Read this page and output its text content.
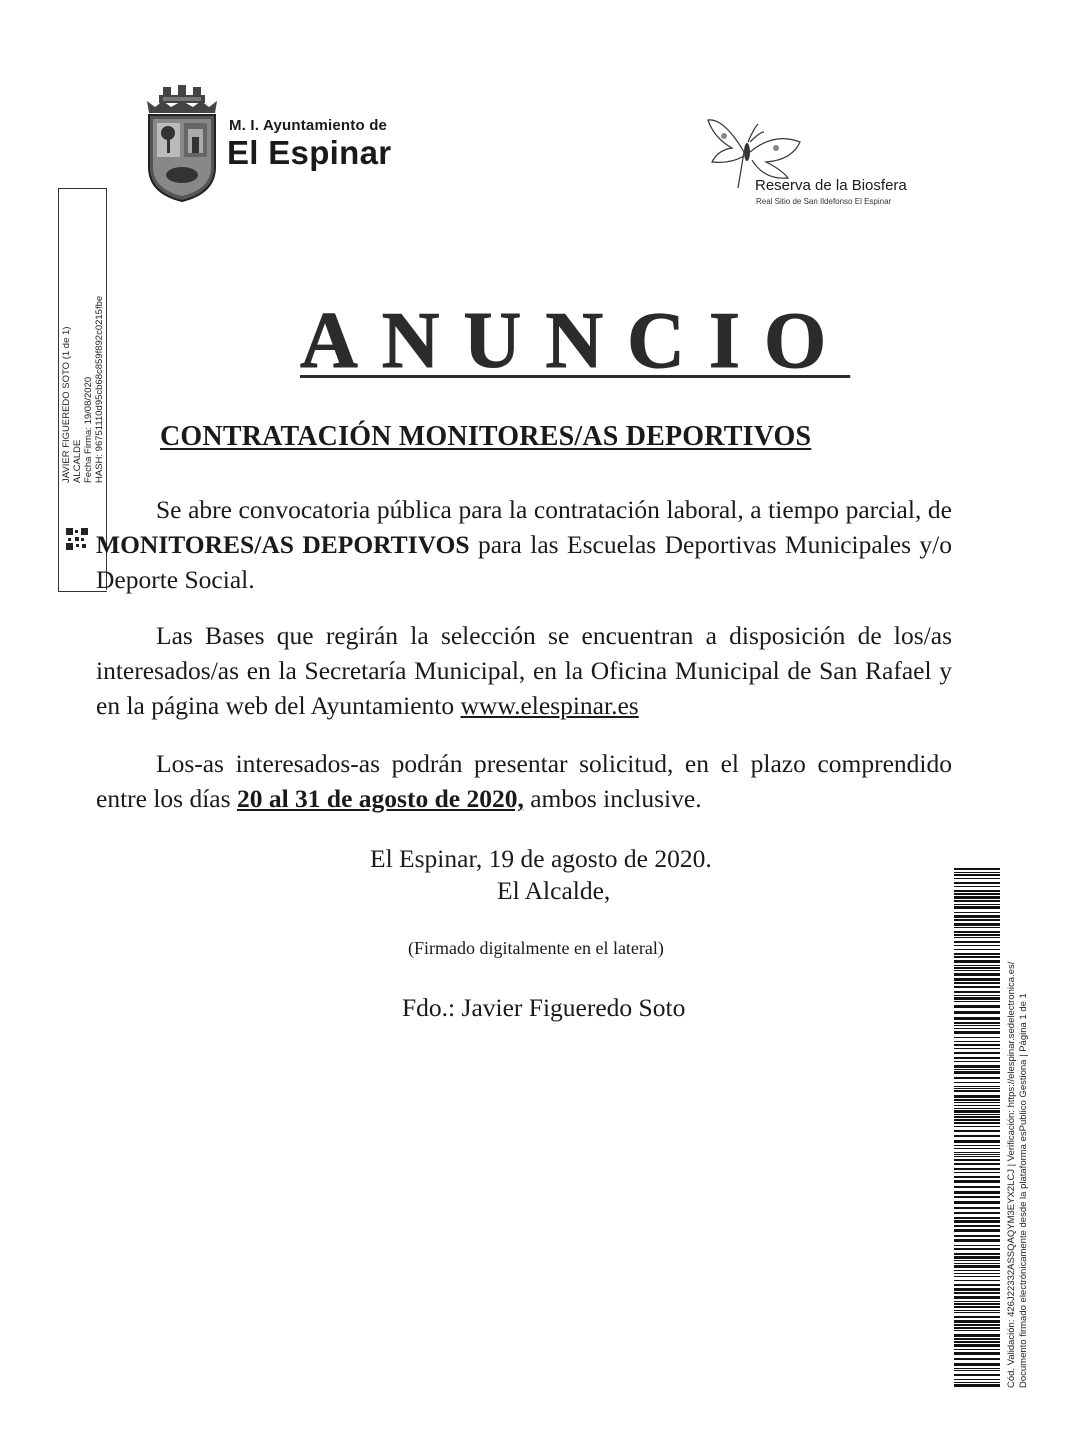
M. I. Ayuntamiento de
El Espinar
Reserva de la Biosfera
Real Sitio de San Ildefonso El Espinar
JAVIER FIGUEREDO SOTO (1 de 1) ALCALDE Fecha Firma: 19/08/2020 HASH: 96751110d95cb68c859f892c0215fbe ANUNCIO
CONTRATACIÓN MONITORES/AS DEPORTIVOS
Se abre convocatoria pública para la contratación laboral, a tiempo parcial, de MONITORES/AS DEPORTIVOS para las Escuelas Deportivas Municipales y/o Deporte Social.
Las Bases que regirán la selección se encuentran a disposición de los/as interesados/as en la Secretaría Municipal, en la Oficina Municipal de San Rafael y en la página web del Ayuntamiento www.elespinar.es
Los-as interesados-as podrán presentar solicitud, en el plazo comprendido entre los días 20 al 31 de agosto de 2020, ambos inclusive.
El Espinar, 19 de agosto de 2020.
El Alcalde,
(Firmado digitalmente en el lateral)
Fdo.: Javier Figueredo Soto	Cód. Validación: 426J22332ASSQAQYM3EYX2LCJ | Verificación: https://elespinar.sedelectronica.es/ Documento firmado electrónicamente desde la plataforma esPublico Gestiona | Página 1 de 1
